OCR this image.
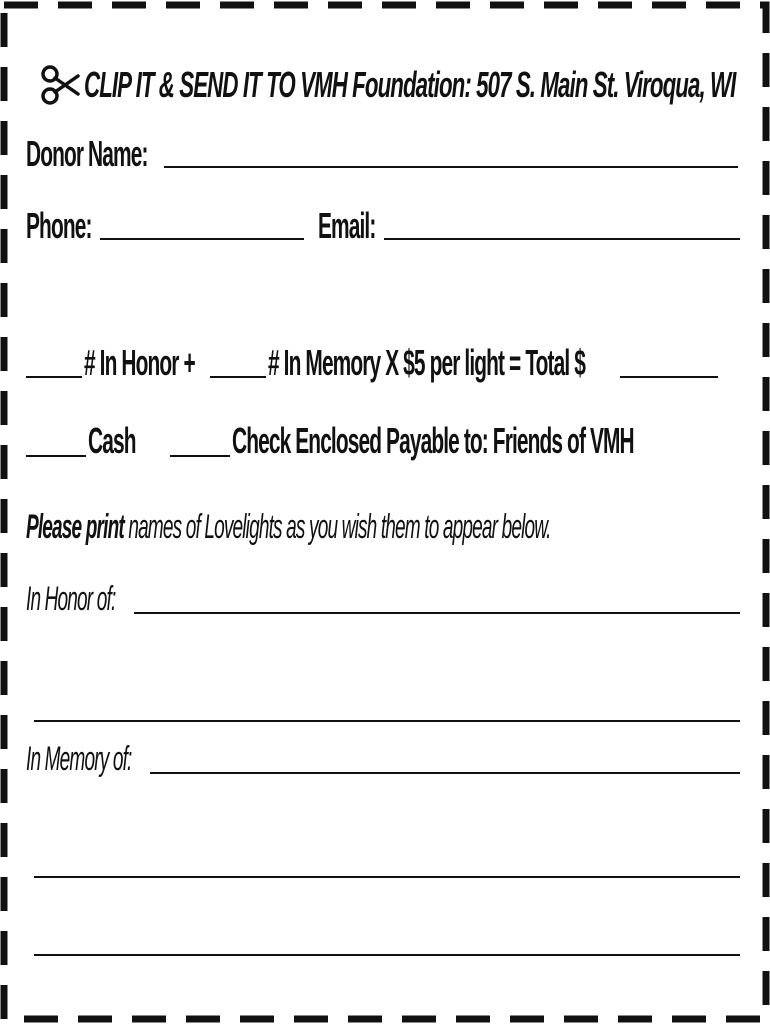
CLIP IT & SEND IT TO VMH Foundation: 507 S. Main St. Viroqua, WI
Donor Name:
Phone:	Email:
# In Honor + # In Memory X $5 per light = Total $
Cash	Check Enclosed Payable to: Friends of VMH
Please print names of Lovelights as you wish them to appear below.
In Honor of:
In Memory of:
